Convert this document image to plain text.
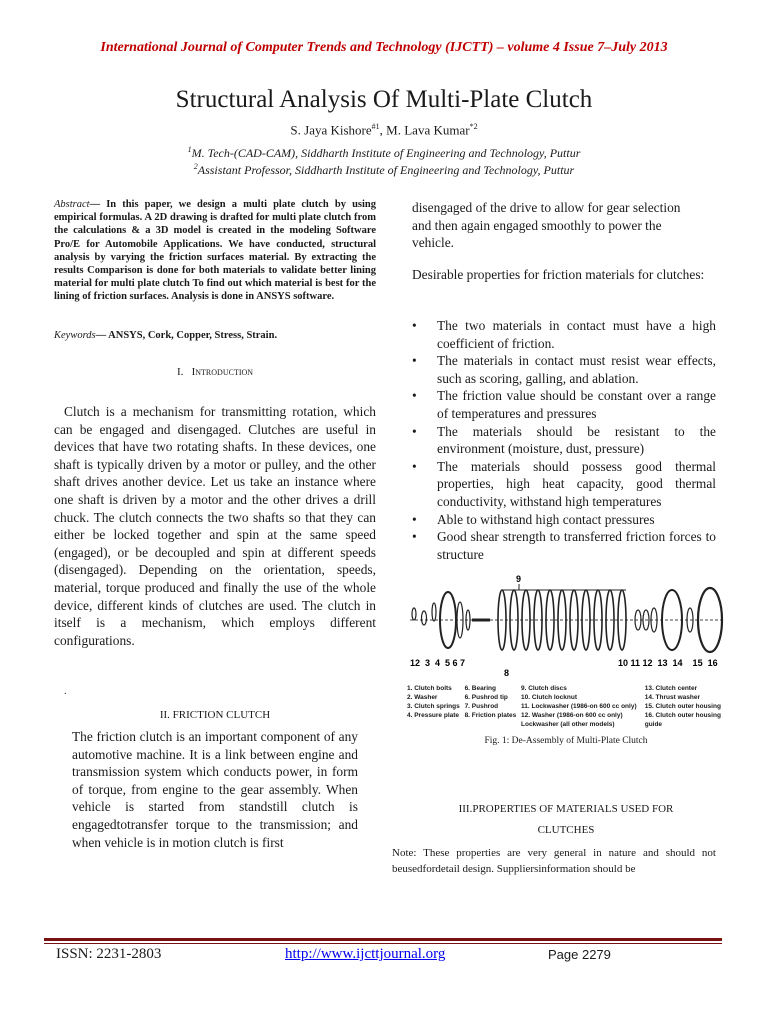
International Journal of Computer Trends and Technology (IJCTT) – volume 4 Issue 7–July 2013
Structural Analysis Of Multi-Plate Clutch
S. Jaya Kishore$^{\#1}$, M. Lava Kumar$^{*2}$
$^1$M. Tech-(CAD-CAM), Siddharth Institute of Engineering and Technology, Puttur
$^2$Assistant Professor, Siddharth Institute of Engineering and Technology, Puttur
Abstract— In this paper, we design a multi plate clutch by using empirical formulas. A 2D drawing is drafted for multi plate clutch from the calculations & a 3D model is created in the modeling Software Pro/E for Automobile Applications. We have conducted, structural analysis by varying the friction surfaces material. By extracting the results Comparison is done for both materials to validate better lining material for multi plate clutch To find out which material is best for the lining of friction surfaces. Analysis is done in ANSYS software.
Keywords— ANSYS, Cork, Copper, Stress, Strain.
I. Introduction
Clutch is a mechanism for transmitting rotation, which can be engaged and disengaged. Clutches are useful in devices that have two rotating shafts. In these devices, one shaft is typically driven by a motor or pulley, and the other shaft drives another device. Let us take an instance where one shaft is driven by a motor and the other drives a drill chuck. The clutch connects the two shafts so that they can either be locked together and spin at the same speed (engaged), or be decoupled and spin at different speeds (disengaged). Depending on the orientation, speeds, material, torque produced and finally the use of the whole device, different kinds of clutches are used. The clutch in itself is a mechanism, which employs different configurations.
.
II. FRICTION CLUTCH
The friction clutch is an important component of any automotive machine. It is a link between engine and transmission system which conducts power, in form of torque, from engine to the gear assembly. When vehicle is started from standstill clutch is engagedtotransfer torque to the transmission; and when vehicle is in motion clutch is first
disengaged of the drive to allow for gear selection and then again engaged smoothly to power the vehicle.
Desirable properties for friction materials for clutches:
• The two materials in contact must have a high coefficient of friction.
• The materials in contact must resist wear effects, such as scoring, galling, and ablation.
• The friction value should be constant over a range of temperatures and pressures
• The materials should be resistant to the environment (moisture, dust, pressure)
• The materials should possess good thermal properties, high heat capacity, good thermal conductivity, withstand high temperatures
• Able to withstand high contact pressures
• Good shear strength to transferred friction forces to structure
9
12  3  4  5 6 7
8
10 11 12  13  14    15  16
1. Clutch bolts	6. Bearing	9. Clutch discs	13. Clutch center
2. Washer	6. Pushrod tip	10. Clutch locknut	14. Thrust washer
3. Clutch springs	7. Pushrod	11. Lockwasher (1986-on 600 cc only)	15. Clutch outer housing
4. Pressure plate	8. Friction plates	12. Washer (1986-on 600 cc only)	16. Clutch outer housing
		Lockwasher (all other models)	guide
Fig. 1: De-Assembly of Multi-Plate Clutch
III.PROPERTIES OF MATERIALS USED FOR
CLUTCHES
Note: These properties are very general in nature and should not beusedfordetail design. Suppliersinformation should be
ISSN: 2231-2803	http://www.ijcttjournal.org	Page 2279
